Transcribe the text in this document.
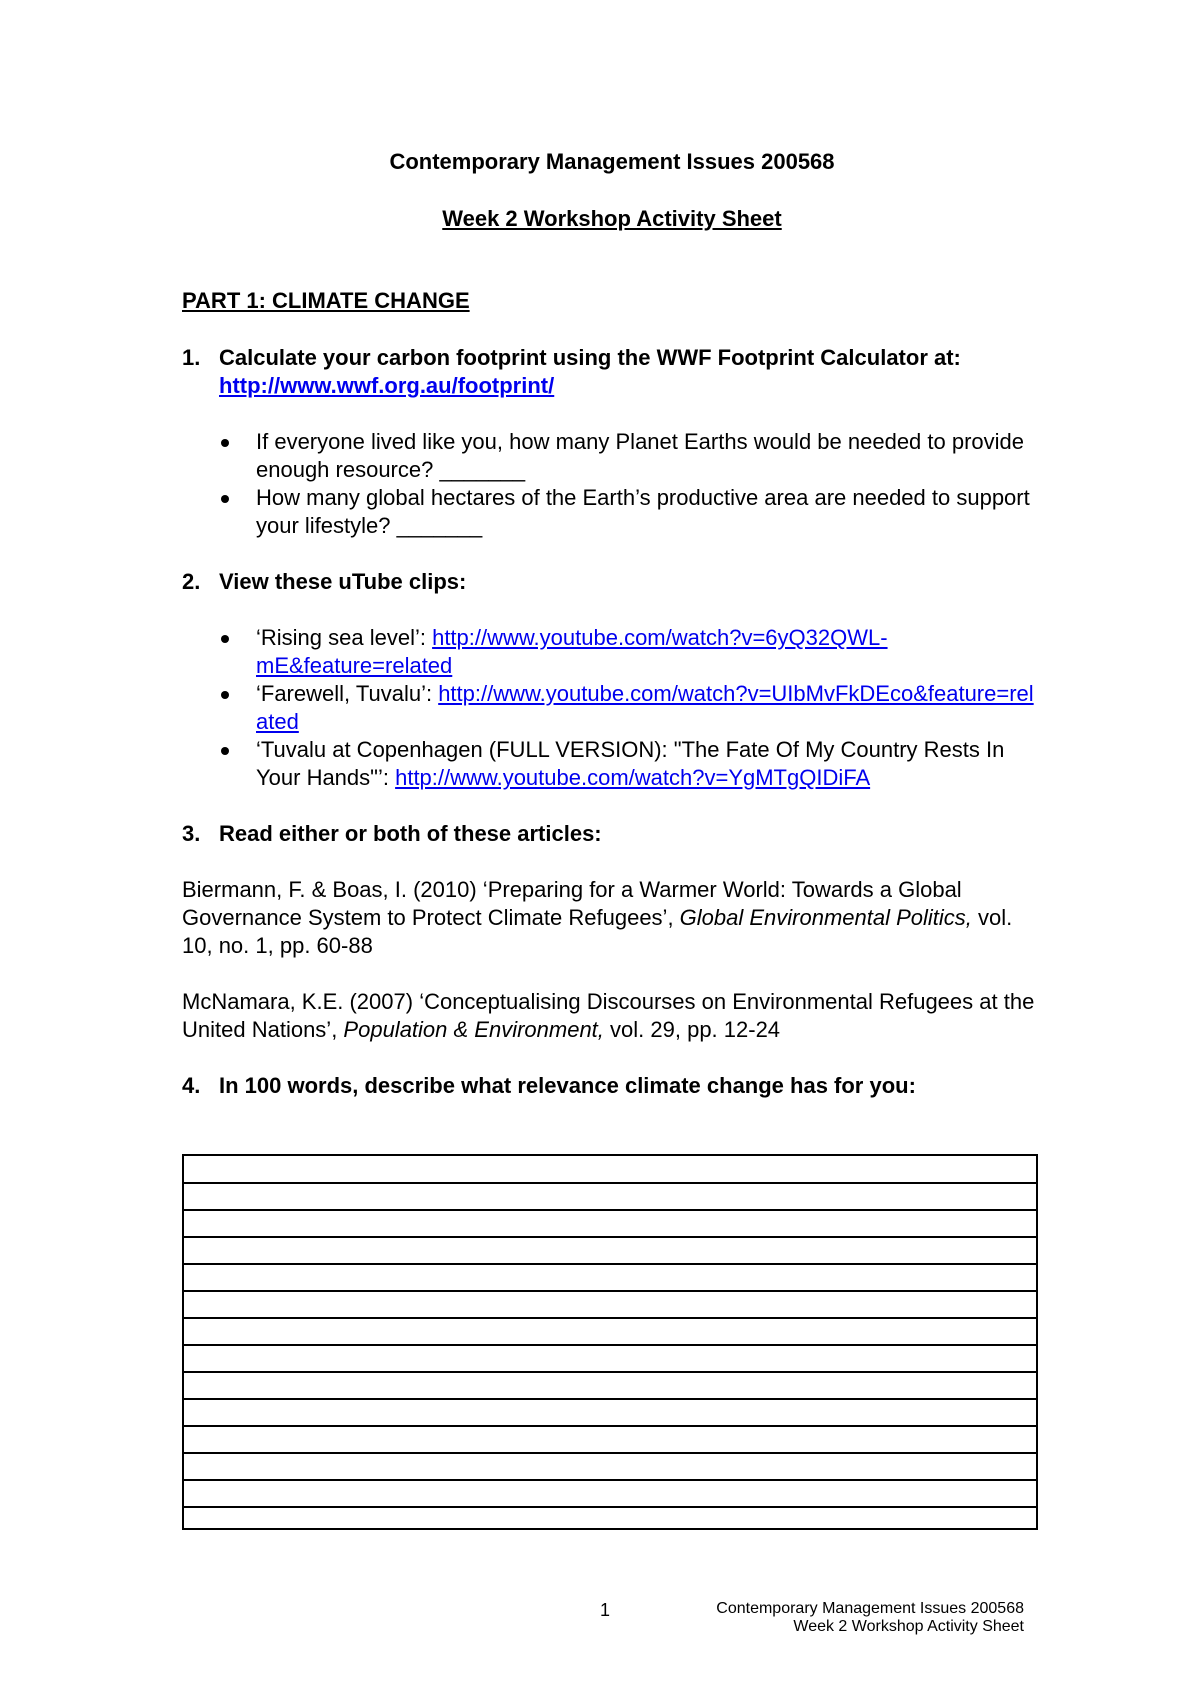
Contemporary Management Issues 200568
Week 2 Workshop Activity Sheet
PART 1: CLIMATE CHANGE
1. Calculate your carbon footprint using the WWF Footprint Calculator at: http://www.wwf.org.au/footprint/
If everyone lived like you, how many Planet Earths would be needed to provide enough resource? _______
How many global hectares of the Earth’s productive area are needed to support your lifestyle? _______
2. View these uTube clips:
‘Rising sea level’: http://www.youtube.com/watch?v=6yQ32QWL-mE&feature=related
‘Farewell, Tuvalu’: http://www.youtube.com/watch?v=UIbMvFkDEco&feature=related
‘Tuvalu at Copenhagen (FULL VERSION): "The Fate Of My Country Rests In Your Hands"’: http://www.youtube.com/watch?v=YgMTgQIDiFA
3. Read either or both of these articles:
Biermann, F. & Boas, I. (2010) ‘Preparing for a Warmer World: Towards a Global Governance System to Protect Climate Refugees’, Global Environmental Politics, vol. 10, no. 1, pp. 60-88
McNamara, K.E. (2007) ‘Conceptualising Discourses on Environmental Refugees at the United Nations’, Population & Environment, vol. 29, pp. 12-24
4. In 100 words, describe what relevance climate change has for you:
1	Contemporary Management Issues 200568
Week 2 Workshop Activity Sheet
